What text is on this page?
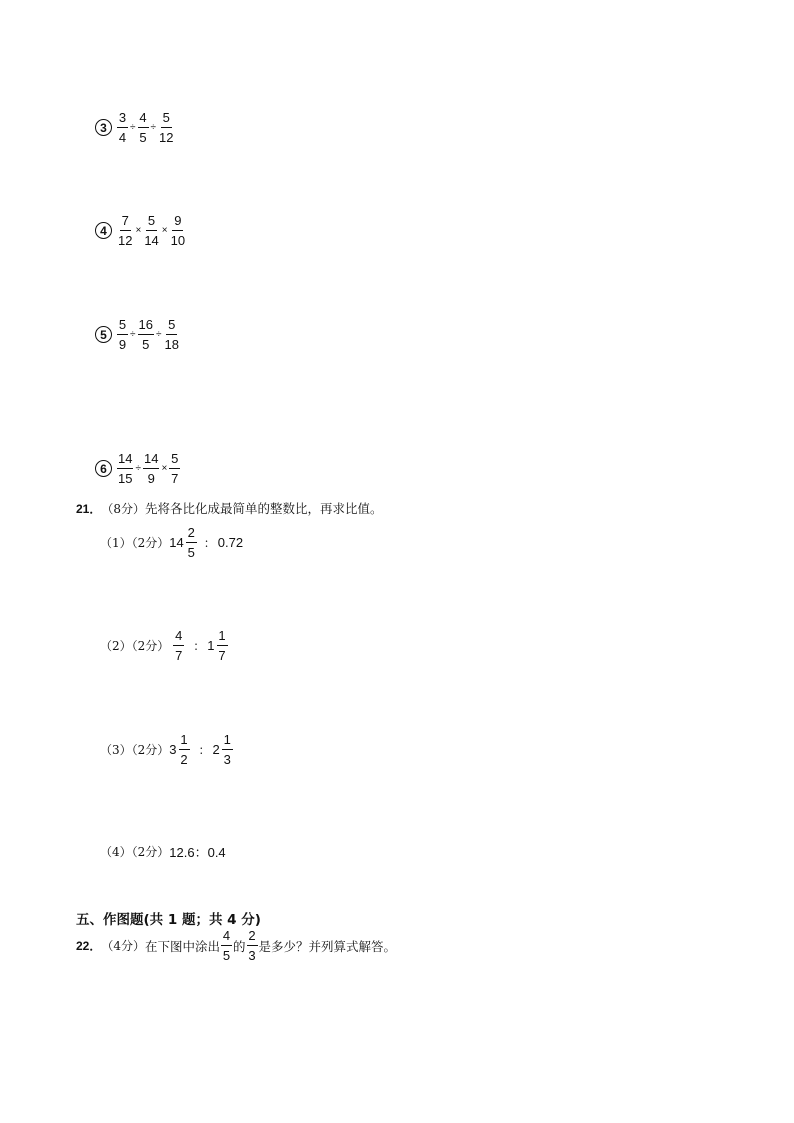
$3 \frac{3}{4} \div \frac{4}{5} \div \frac{5}{12}$
$4 \frac{7}{12} \times \frac{5}{14} \times \frac{9}{10}$
$5 \frac{5}{9} \div \frac{16}{5} \div \frac{5}{18}$
$6 \frac{14}{15} \div \frac{14}{9} \times \frac{5}{7}$
21． （8分） 先将各比化成最简单的整数比，再求比值。
（1）（2分） $14 \frac{2}{5}$ ： 0.72
（2）（2分） $\frac{4}{7}$ ： $1 \frac{1}{7}$
（3）（2分） $3 \frac{1}{2}$ ： $2 \frac{1}{3}$
（4）（2分） 12.6：0.4
五、作图题(共 1 题；共 4 分)
22． （4分） 在下图中涂出 $\frac{4}{5}$ 的 $\frac{2}{3}$ 是多少？并列算式解答。
